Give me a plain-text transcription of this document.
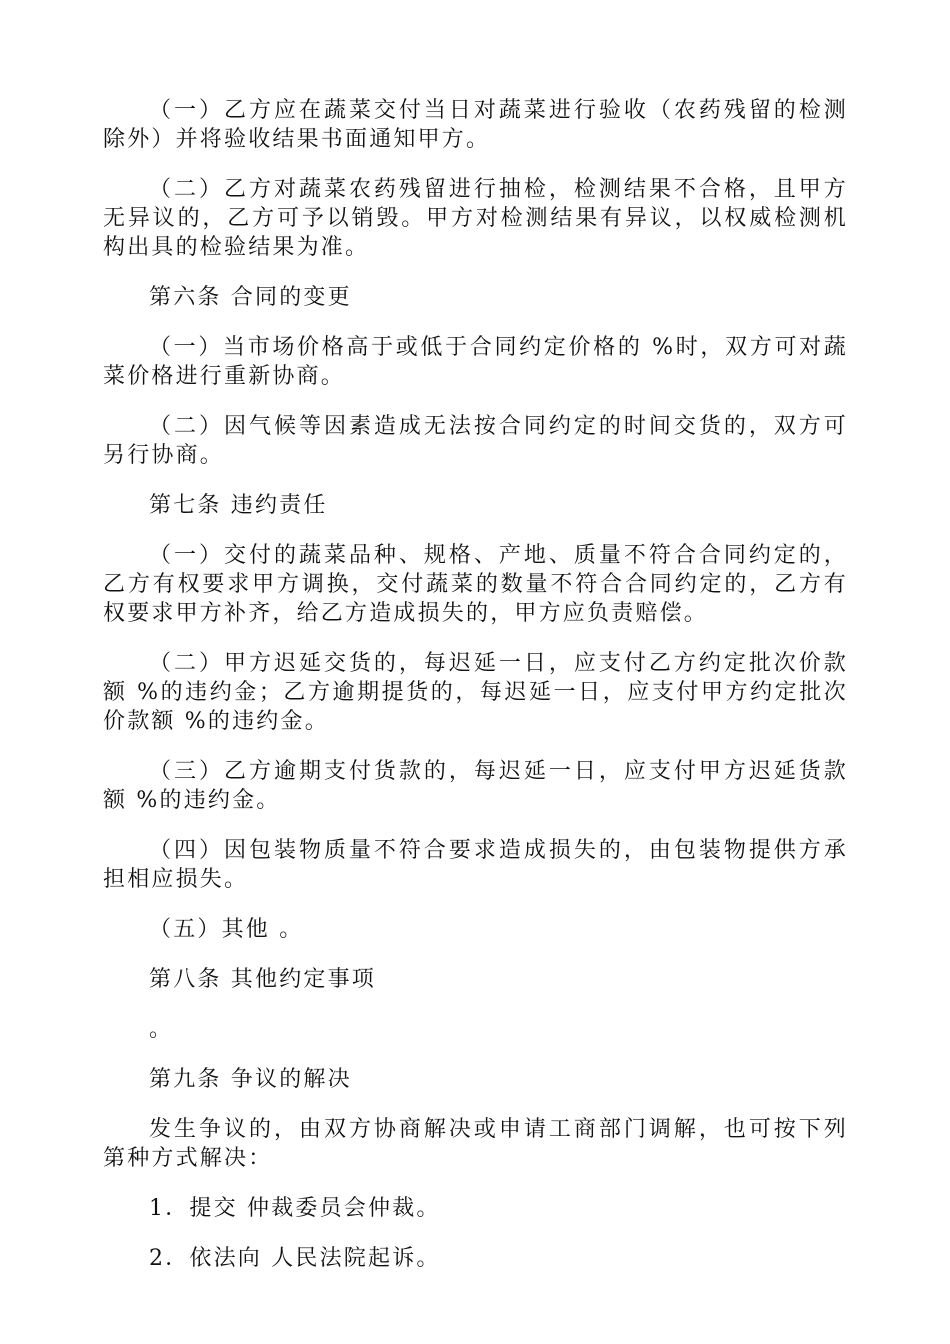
（一）乙方应在蔬菜交付当日对蔬菜进行验收（农药残留的检测除外）并将验收结果书面通知甲方。

（二）乙方对蔬菜农药残留进行抽检，检测结果不合格，且甲方无异议的，乙方可予以销毁。甲方对检测结果有异议，以权威检测机构出具的检验结果为准。

第六条 合同的变更

（一）当市场价格高于或低于合同约定价格的 %时，双方可对蔬菜价格进行重新协商。

（二）因气候等因素造成无法按合同约定的时间交货的，双方可另行协商。

第七条 违约责任

（一）交付的蔬菜品种、规格、产地、质量不符合合同约定的，乙方有权要求甲方调换，交付蔬菜的数量不符合合同约定的，乙方有权要求甲方补齐，给乙方造成损失的，甲方应负责赔偿。

（二）甲方迟延交货的，每迟延一日，应支付乙方约定批次价款额 %的违约金；乙方逾期提货的，每迟延一日，应支付甲方约定批次价款额 %的违约金。

（三）乙方逾期支付货款的，每迟延一日，应支付甲方迟延货款额 %的违约金。

（四）因包装物质量不符合要求造成损失的，由包装物提供方承担相应损失。

（五）其他 。

第八条 其他约定事项

。

第九条 争议的解决

发生争议的，由双方协商解决或申请工商部门调解，也可按下列第种方式解决：

1．提交 仲裁委员会仲裁。

2．依法向 人民法院起诉。
